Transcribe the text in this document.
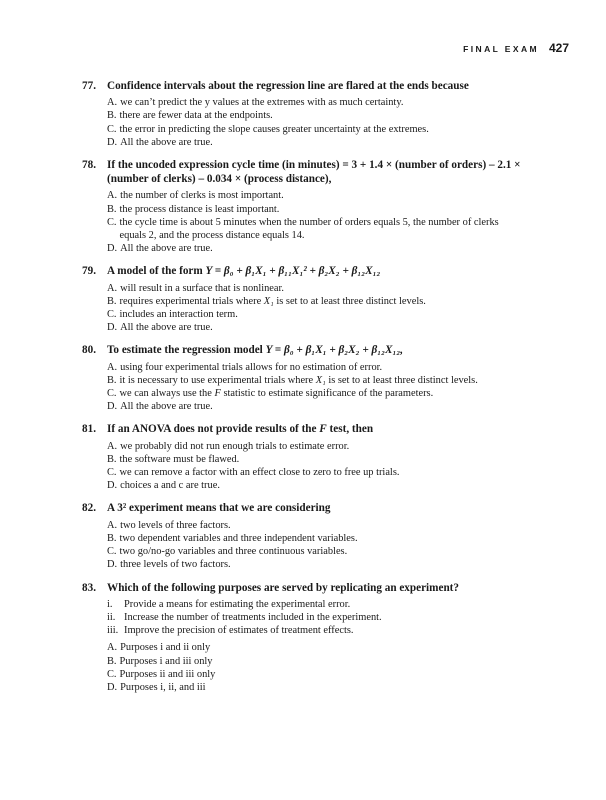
FINAL EXAM 427
77. Confidence intervals about the regression line are flared at the ends because
A. we can’t predict the y values at the extremes with as much certainty.
B. there are fewer data at the endpoints.
C. the error in predicting the slope causes greater uncertainty at the extremes.
D. All the above are true.
78. If the uncoded expression cycle time (in minutes) = 3 + 1.4 × (number of orders) – 2.1 × (number of clerks) – 0.034 × (process distance),
A. the number of clerks is most important.
B. the process distance is least important.
C. the cycle time is about 5 minutes when the number of orders equals 5, the number of clerks equals 2, and the process distance equals 14.
D. All the above are true.
79. A model of the form Y = β₀ + β₁X₁ + β₁₁X₁² + β₂X₂ + β₁₂X₁₂
A. will result in a surface that is nonlinear.
B. requires experimental trials where X₁ is set to at least three distinct levels.
C. includes an interaction term.
D. All the above are true.
80. To estimate the regression model Y = β₀ + β₁X₁ + β₂X₂ + β₁₂X₁₂,
A. using four experimental trials allows for no estimation of error.
B. it is necessary to use experimental trials where X₁ is set to at least three distinct levels.
C. we can always use the F statistic to estimate significance of the parameters.
D. All the above are true.
81. If an ANOVA does not provide results of the F test, then
A. we probably did not run enough trials to estimate error.
B. the software must be flawed.
C. we can remove a factor with an effect close to zero to free up trials.
D. choices a and c are true.
82. A 3² experiment means that we are considering
A. two levels of three factors.
B. two dependent variables and three independent variables.
C. two go/no-go variables and three continuous variables.
D. three levels of two factors.
83. Which of the following purposes are served by replicating an experiment?
i.	Provide a means for estimating the experimental error.
ii. Increase the number of treatments included in the experiment.
iii. Improve the precision of estimates of treatment effects.
A. Purposes i and ii only
B. Purposes i and iii only
C. Purposes ii and iii only
D. Purposes i, ii, and iii
